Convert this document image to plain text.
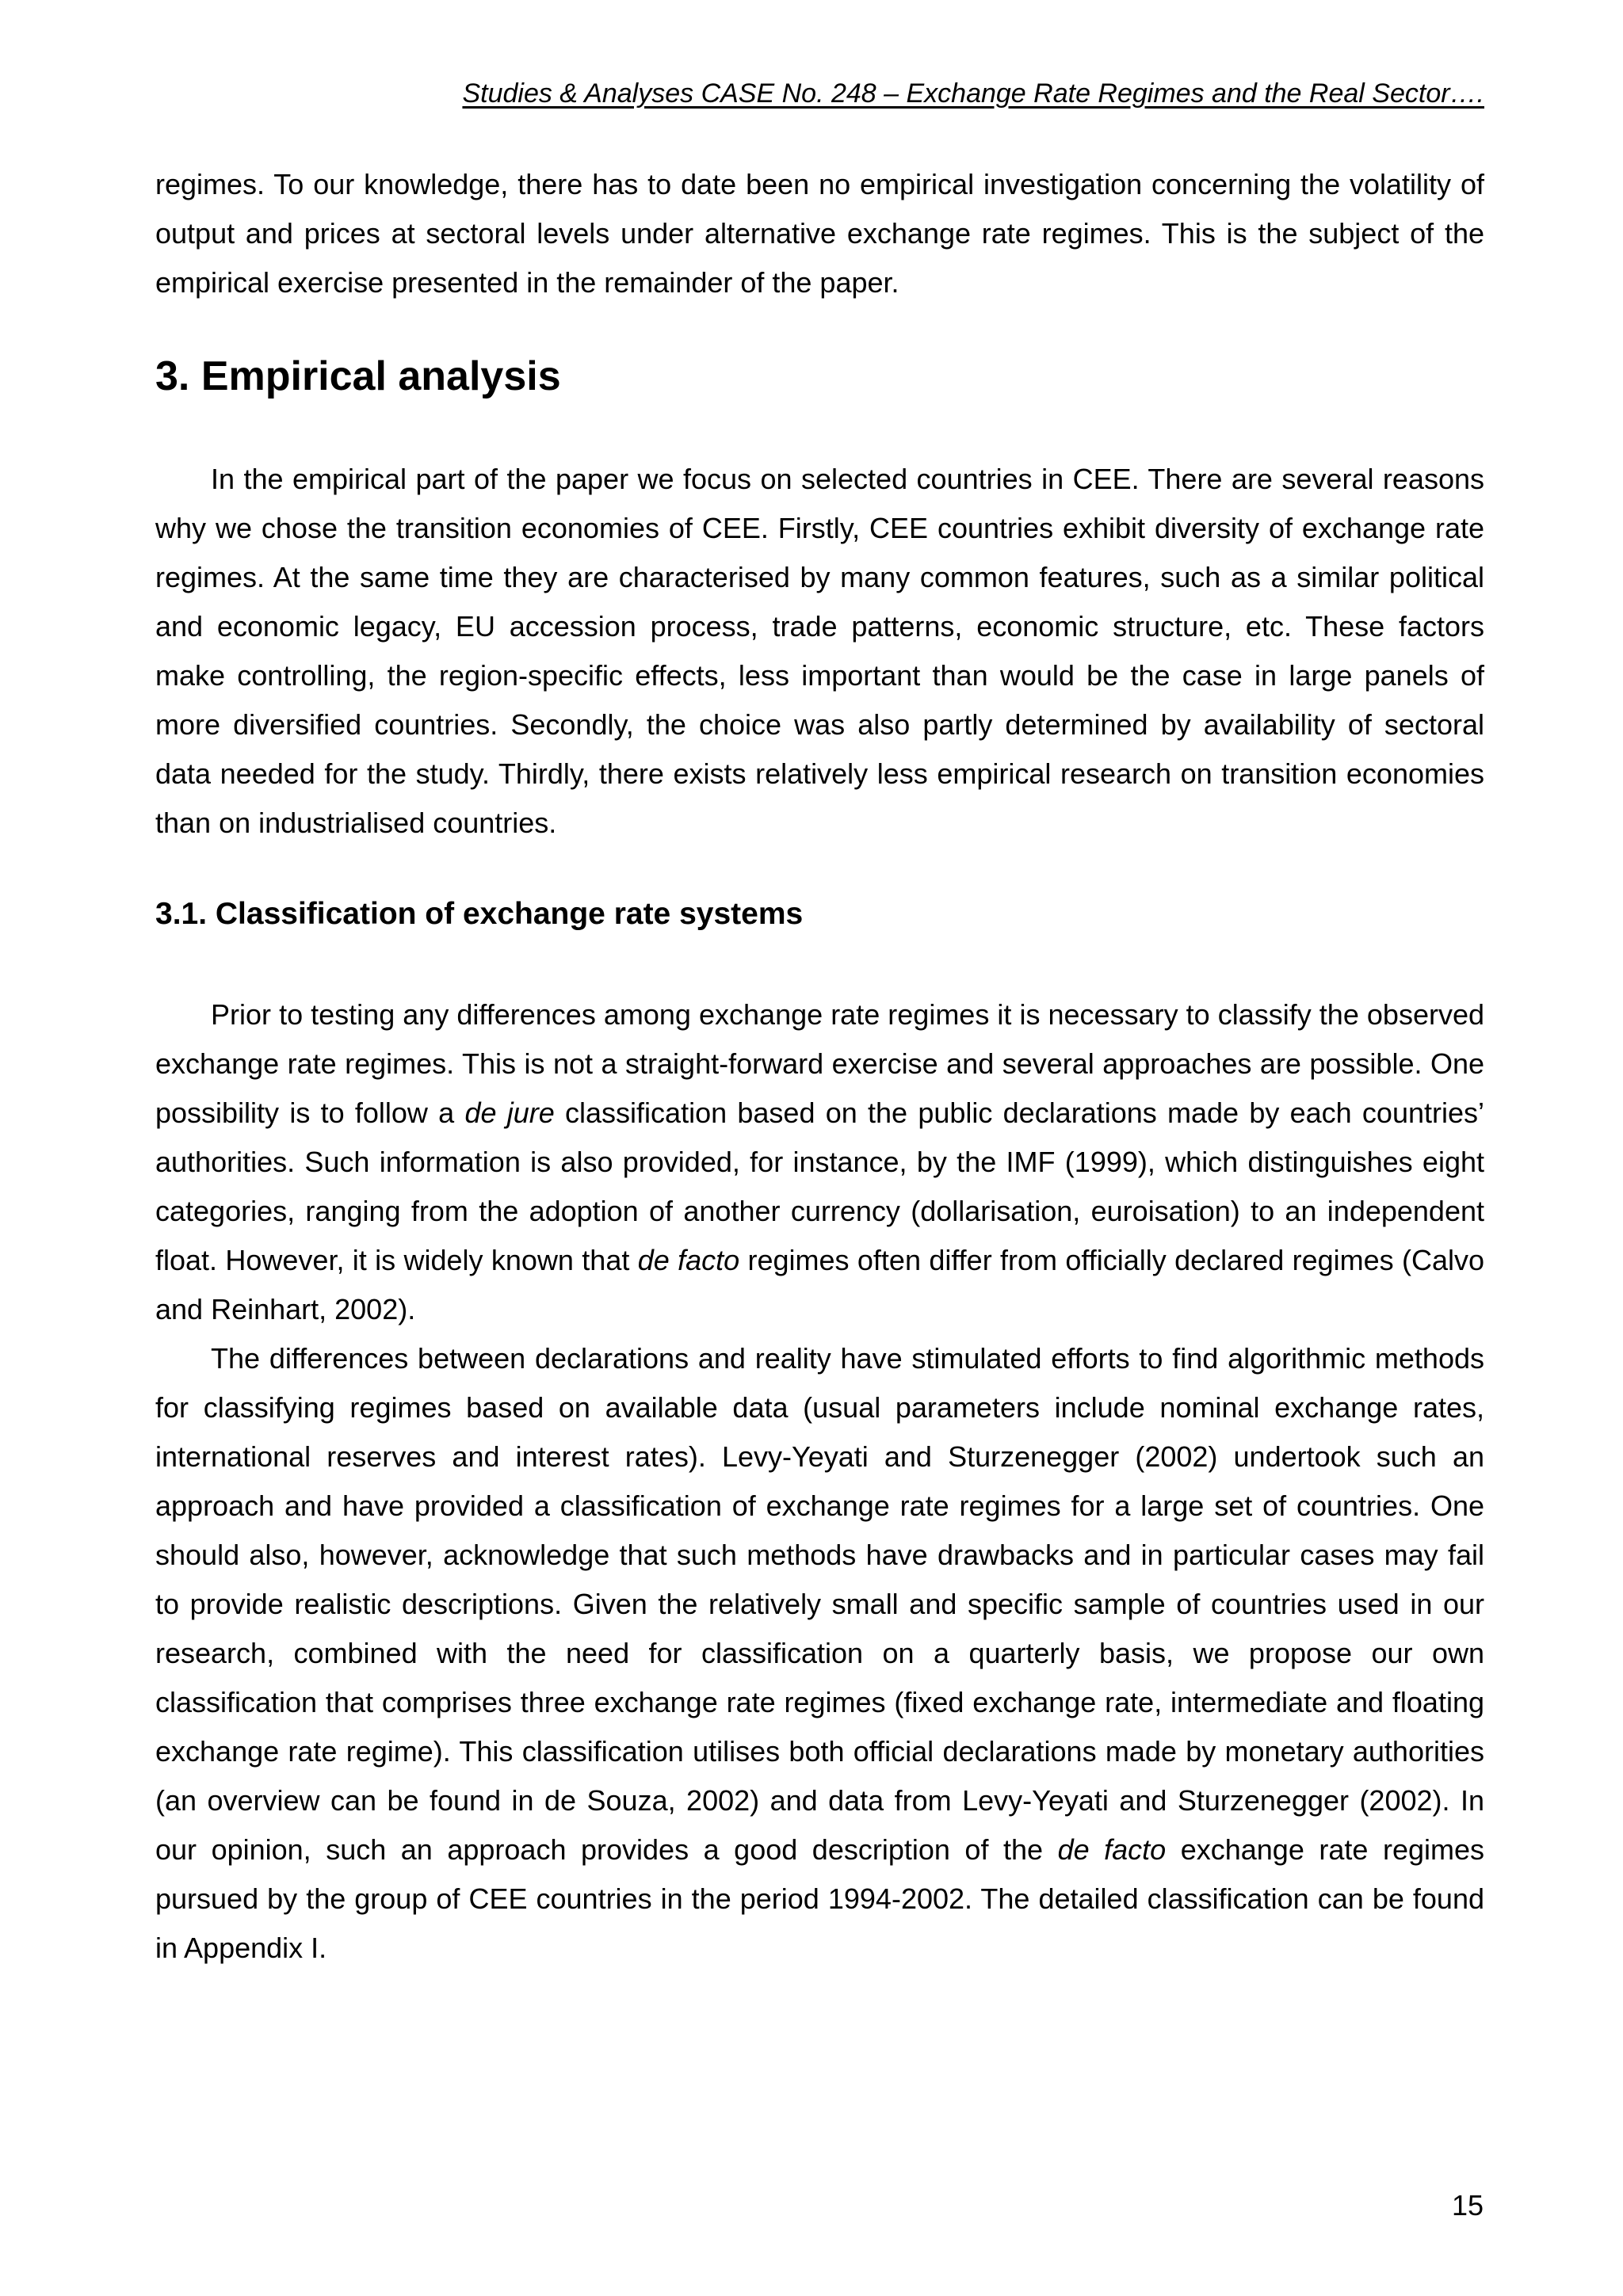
Studies & Analyses CASE No. 248 – Exchange Rate Regimes and the Real Sector….

regimes. To our knowledge, there has to date been no empirical investigation concerning the volatility of output and prices at sectoral levels under alternative exchange rate regimes. This is the subject of the empirical exercise presented in the remainder of the paper.

3. Empirical analysis

In the empirical part of the paper we focus on selected countries in CEE. There are several reasons why we chose the transition economies of CEE. Firstly, CEE countries exhibit diversity of exchange rate regimes. At the same time they are characterised by many common features, such as a similar political and economic legacy, EU accession process, trade patterns, economic structure, etc. These factors make controlling, the region-specific effects, less important than would be the case in large panels of more diversified countries. Secondly, the choice was also partly determined by availability of sectoral data needed for the study. Thirdly, there exists relatively less empirical research on transition economies than on industrialised countries.

3.1. Classification of exchange rate systems

Prior to testing any differences among exchange rate regimes it is necessary to classify the observed exchange rate regimes. This is not a straight-forward exercise and several approaches are possible. One possibility is to follow a de jure classification based on the public declarations made by each countries’ authorities. Such information is also provided, for instance, by the IMF (1999), which distinguishes eight categories, ranging from the adoption of another currency (dollarisation, euroisation) to an independent float. However, it is widely known that de facto regimes often differ from officially declared regimes (Calvo and Reinhart, 2002).

The differences between declarations and reality have stimulated efforts to find algorithmic methods for classifying regimes based on available data (usual parameters include nominal exchange rates, international reserves and interest rates). Levy-Yeyati and Sturzenegger (2002) undertook such an approach and have provided a classification of exchange rate regimes for a large set of countries. One should also, however, acknowledge that such methods have drawbacks and in particular cases may fail to provide realistic descriptions. Given the relatively small and specific sample of countries used in our research, combined with the need for classification on a quarterly basis, we propose our own classification that comprises three exchange rate regimes (fixed exchange rate, intermediate and floating exchange rate regime). This classification utilises both official declarations made by monetary authorities (an overview can be found in de Souza, 2002) and data from Levy-Yeyati and Sturzenegger (2002). In our opinion, such an approach provides a good description of the de facto exchange rate regimes pursued by the group of CEE countries in the period 1994-2002. The detailed classification can be found in Appendix I.

15
